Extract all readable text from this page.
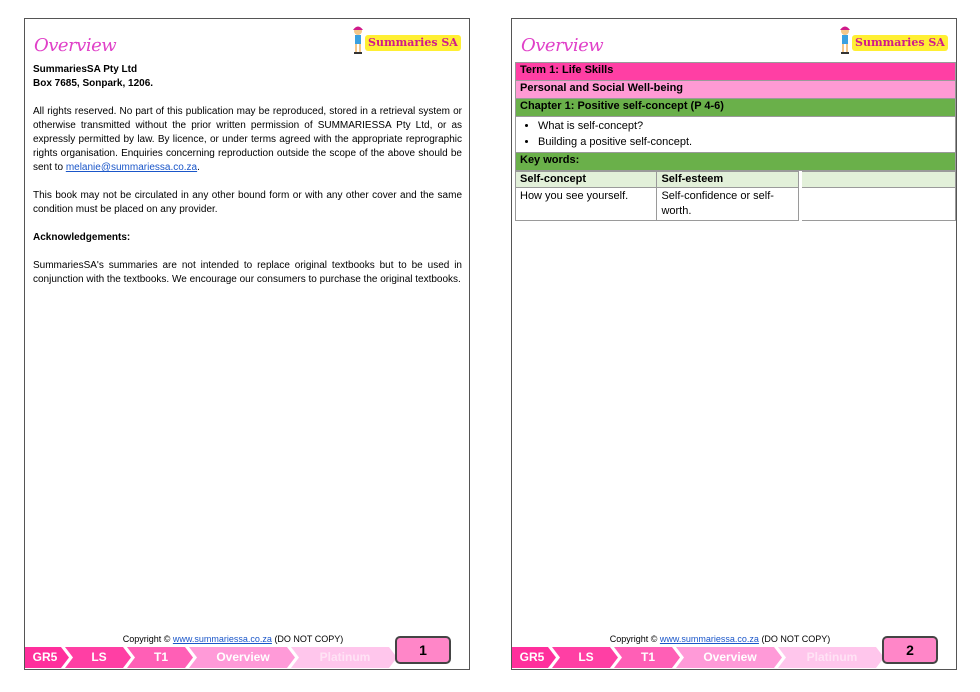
Overview	Summaries SA
SummariesSA Pty Ltd
Box 7685, Sonpark, 1206.

All rights reserved. No part of this publication may be reproduced, stored in a retrieval system or otherwise transmitted without the prior written permission of SUMMARIESSA Pty Ltd, or as expressly permitted by law. By licence, or under terms agreed with the appropriate reprographic rights organisation. Enquiries concerning reproduction outside the scope of the above should be sent to melanie@summariessa.co.za.

This book may not be circulated in any other bound form or with any other cover and the same condition must be placed on any provider.

Acknowledgements:

SummariesSA's summaries are not intended to replace original textbooks but to be used in conjunction with the textbooks. We encourage our consumers to purchase the original textbooks.

Copyright © www.summariessa.co.za (DO NOT COPY)
GR5	LS	T1	Overview	Platinum	1
Overview	Summaries SA
Term 1: Life Skills
Personal and Social Well-being
Chapter 1: Positive self-concept (P 4-6)

• What is self-concept?
• Building a positive self-concept.

Key words:
Self-concept	Self-esteem
How you see yourself.	Self-confidence or self-worth.
Copyright © www.summariessa.co.za (DO NOT COPY)
GR5	LS	T1	Overview	Platinum	2
